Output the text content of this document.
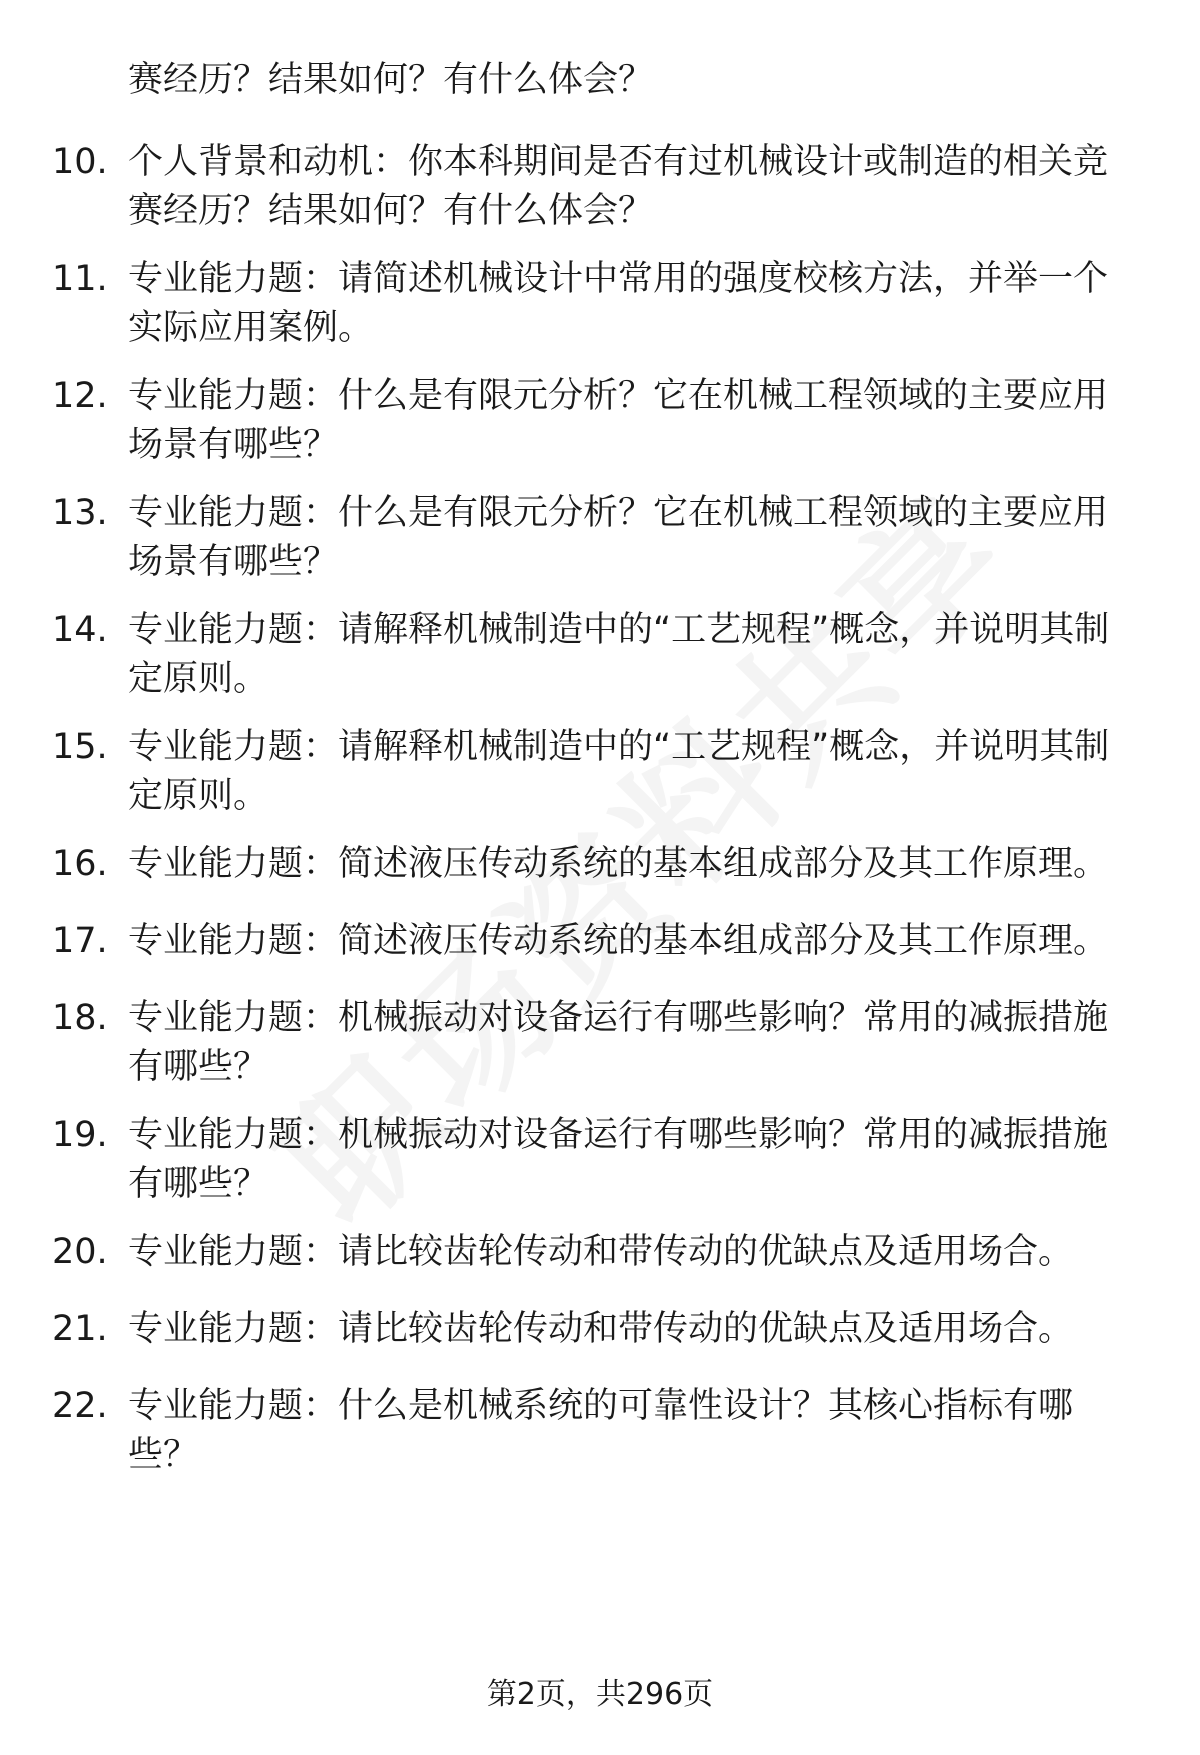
赛经历？结果如何？有什么体会？
10. 个人背景和动机：你本科期间是否有过机械设计或制造的相关竞赛经历？结果如何？有什么体会？
11. 专业能力题：请简述机械设计中常用的强度校核方法，并举一个实际应用案例。
12. 专业能力题：什么是有限元分析？它在机械工程领域的主要应用场景有哪些？
13. 专业能力题：什么是有限元分析？它在机械工程领域的主要应用场景有哪些？
14. 专业能力题：请解释机械制造中的“工艺规程”概念，并说明其制定原则。
15. 专业能力题：请解释机械制造中的“工艺规程”概念，并说明其制定原则。
16. 专业能力题：简述液压传动系统的基本组成部分及其工作原理。
17. 专业能力题：简述液压传动系统的基本组成部分及其工作原理。
18. 专业能力题：机械振动对设备运行有哪些影响？常用的减振措施有哪些？
19. 专业能力题：机械振动对设备运行有哪些影响？常用的减振措施有哪些？
20. 专业能力题：请比较齿轮传动和带传动的优缺点及适用场合。
21. 专业能力题：请比较齿轮传动和带传动的优缺点及适用场合。
22. 专业能力题：什么是机械系统的可靠性设计？其核心指标有哪些？
第2页，共296页
